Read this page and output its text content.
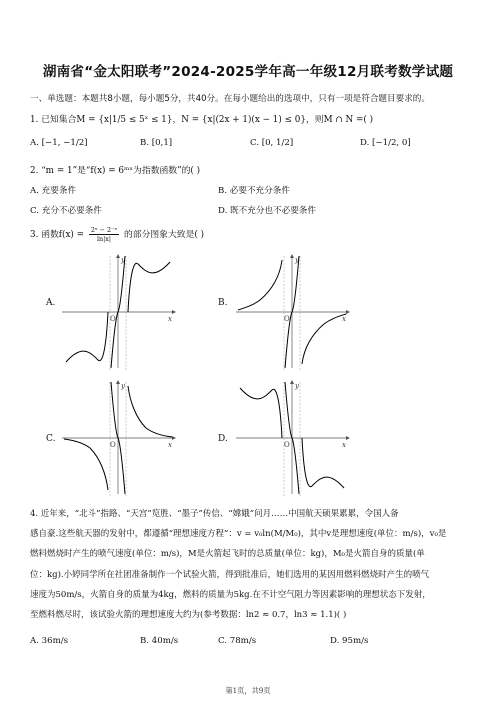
湖南省“金太阳联考”2024-2025学年高一年级12月联考数学试题
一、单选题：本题共8小题，每小题5分，共40分。在每小题给出的选项中，只有一项是符合题目要求的。
1. 已知集合M = {x|1/5 ≤ 5ˣ ≤ 1}，N = {x|(2x + 1)(x − 1) ≤ 0}，则M ∩ N =( )
A. [−1, −1/2]	B. [0,1]	C. [0, 1/2]	D. [−1/2, 0]
2. “m = 1”是“f(x) = 6ᵐˣ为指数函数”的( )
A. 充要条件	B. 必要不充分条件
C. 充分不必要条件	D. 既不充分也不必要条件
3. 函数$f(x) = \frac{\text{2ˣ − 2⁻ˣ}}{\ln|x|}$ 的部分图象大致是( )
A.
x
y
O
B.
x
y
O
C.
x
y
O
D.
x
y
O
4. 近年来，“北斗”指路、“天宫”览胜、“墨子”传信、“嫦娥”问月……中国航天硕果累累，令国人备
感自豪.这些航天器的发射中，都遵循“理想速度方程”：v = v₀ln(M/M₀)，其中v是理想速度(单位：m/s)，v₀是
燃料燃烧时产生的喷气速度(单位：m/s)，M是火箭起飞时的总质量(单位：kg)，M₀是火箭自身的质量(单
位：kg).小婷同学所在社团准备制作一个试验火箭，得到批准后，她们选用的某因用燃料燃烧时产生的喷气
速度为50m/s，火箭自身的质量为4kg，燃料的质量为5kg.在不计空气阻力等因素影响的理想状态下发射，
至燃料燃尽时，该试验火箭的理想速度大约为(参考数据：ln2 ≈ 0.7，ln3 ≈ 1.1)( )
A. 36m/s	B. 40m/s	C. 78m/s	D. 95m/s
第1页，共9页
